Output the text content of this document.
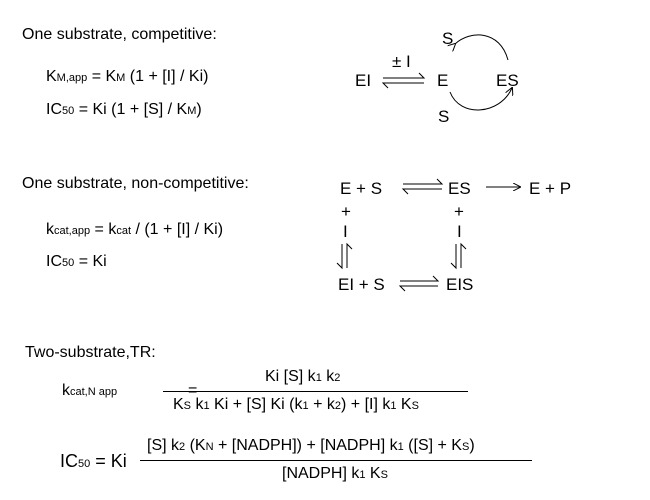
One substrate, competitive:
KM,app = KM (1 + [I] / Ki)
IC50 = Ki (1 + [S] / KM)
EI
± I
E	ES
S
S
One substrate, non-competitive:
kcat,app = kcat / (1 + [I] / Ki)
IC50 = Ki
E + S	ES	E + P
+
I
+
I
EI + S	EIS
Two-substrate,TR:
kcat,N app
Ki [S] k1 k2
KS k1 Ki + [S] Ki (k1 + k2) + [I] k1 KS
IC50 = Ki
[S] k2 (KN + [NADPH]) + [NADPH] k1 ([S] + KS)
[NADPH] k1 KS
